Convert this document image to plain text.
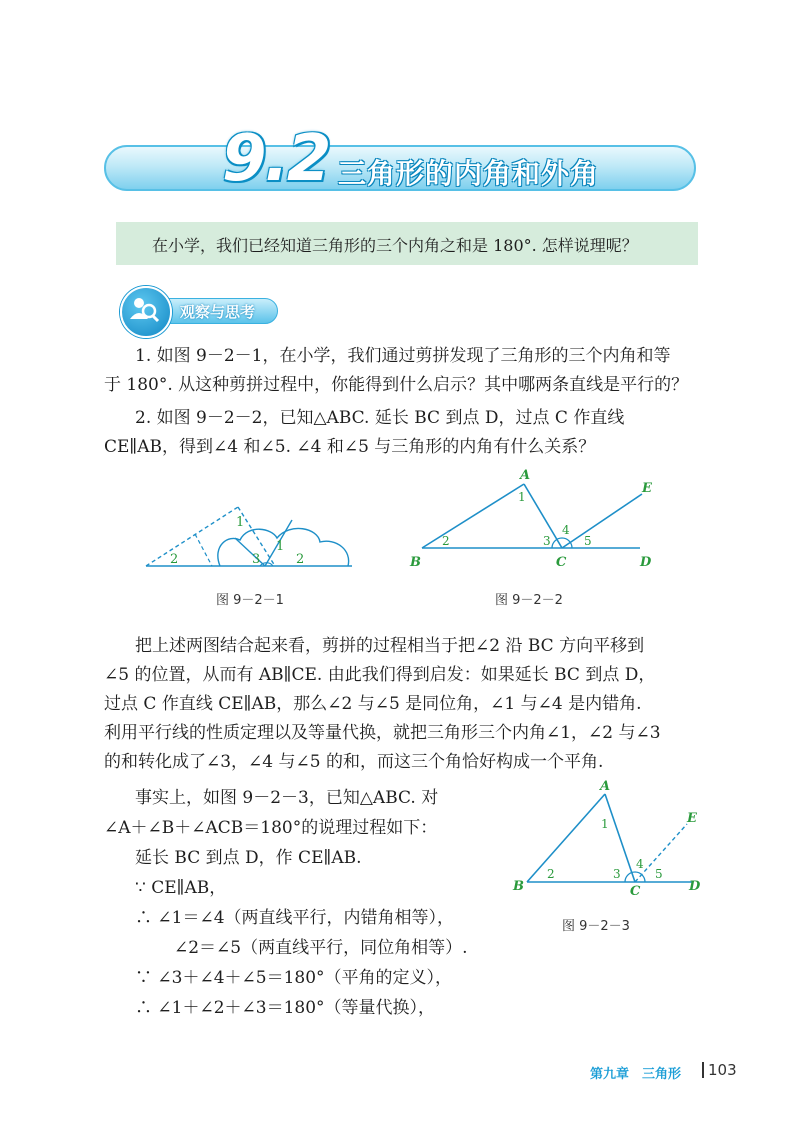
9.2 三角形的内角和外角
在小学，我们已经知道三角形的三个内角之和是 180°. 怎样说理呢？
观察与思考
1. 如图 9－2－1，在小学，我们通过剪拼发现了三角形的三个内角和等
于 180°. 从这种剪拼过程中，你能得到什么启示？其中哪两条直线是平行的？
2. 如图 9－2－2，已知△ABC. 延长 BC 到点 D，过点 C 作直线
CE∥AB，得到∠4 和∠5. ∠4 和∠5 与三角形的内角有什么关系？
1
2	3
1
2
图 9－2－1
A
B	C	D
E
1
2	3
4
5
图 9－2－2
把上述两图结合起来看，剪拼的过程相当于把∠2 沿 BC 方向平移到
∠5 的位置，从而有 AB∥CE. 由此我们得到启发：如果延长 BC 到点 D，
过点 C 作直线 CE∥AB，那么∠2 与∠5 是同位角，∠1 与∠4 是内错角.
利用平行线的性质定理以及等量代换，就把三角形三个内角∠1，∠2 与∠3
的和转化成了∠3，∠4 与∠5 的和，而这三个角恰好构成一个平角.
事实上，如图 9－2－3，已知△ABC. 对
∠A＋∠B＋∠ACB＝180°的说理过程如下：
延长 BC 到点 D，作 CE∥AB.
∵ CE∥AB，
∴ ∠1＝∠4（两直线平行，内错角相等），
∠2＝∠5（两直线平行，同位角相等）.
∵ ∠3＋∠4＋∠5＝180°（平角的定义），
∴ ∠1＋∠2＋∠3＝180°（等量代换），
A
B	C	D
E
1
2	3
4
5
图 9－2－3
第九章　三角形 103
